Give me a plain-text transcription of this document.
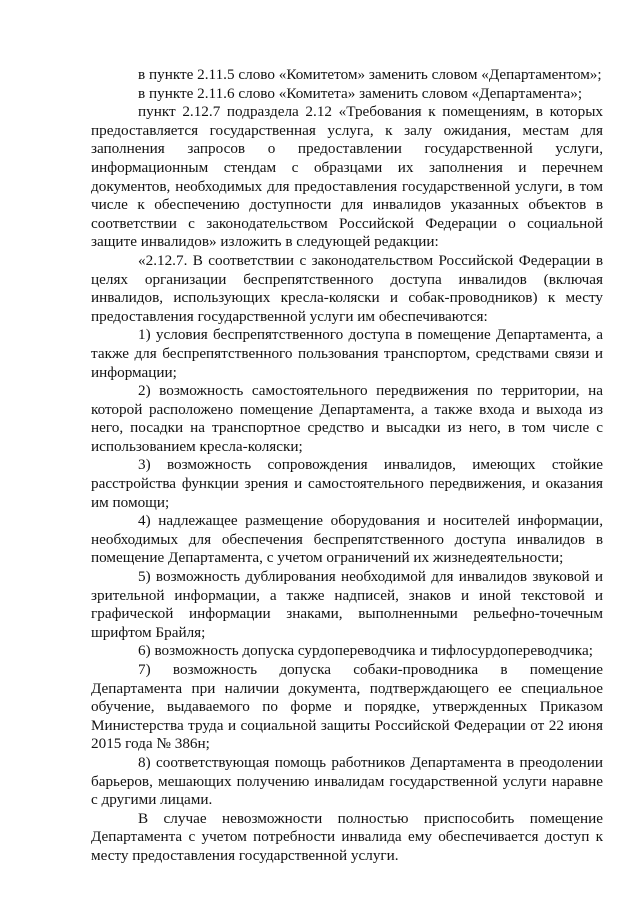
в пункте 2.11.5 слово «Комитетом» заменить словом «Департаментом»;

в пункте 2.11.6 слово «Комитета» заменить словом «Департамента»;

пункт 2.12.7 подраздела 2.12 «Требования к помещениям, в которых предоставляется государственная услуга, к залу ожидания, местам для заполнения запросов о предоставлении государственной услуги, информационным стендам с образцами их заполнения и перечнем документов, необходимых для предоставления государственной услуги, в том числе к обеспечению доступности для инвалидов указанных объектов в соответствии с законодательством Российской Федерации о социальной защите инвалидов» изложить в следующей редакции:

«2.12.7. В соответствии с законодательством Российской Федерации в целях организации беспрепятственного доступа инвалидов (включая инвалидов, использующих кресла-коляски и собак-проводников) к месту предоставления государственной услуги им обеспечиваются:

1) условия беспрепятственного доступа в помещение Департамента, а также для беспрепятственного пользования транспортом, средствами связи и информации;

2) возможность самостоятельного передвижения по территории, на которой расположено помещение Департамента, а также входа и выхода из него, посадки на транспортное средство и высадки из него, в том числе с использованием кресла-коляски;

3) возможность сопровождения инвалидов, имеющих стойкие расстройства функции зрения и самостоятельного передвижения, и оказания им помощи;

4) надлежащее размещение оборудования и носителей информации, необходимых для обеспечения беспрепятственного доступа инвалидов в помещение Департамента, с учетом ограничений их жизнедеятельности;

5) возможность дублирования необходимой для инвалидов звуковой и зрительной информации, а также надписей, знаков и иной текстовой и графической информации знаками, выполненными рельефно-точечным шрифтом Брайля;

6) возможность допуска сурдопереводчика и тифлосурдопереводчика;

7) возможность допуска собаки-проводника в помещение Департамента при наличии документа, подтверждающего ее специальное обучение, выдаваемого по форме и порядке, утвержденных Приказом Министерства труда и социальной защиты Российской Федерации от 22 июня 2015 года № 386н;

8) соответствующая помощь работников Департамента в преодолении барьеров, мешающих получению инвалидам государственной услуги наравне с другими лицами.

В случае невозможности полностью приспособить помещение Департамента с учетом потребности инвалида ему обеспечивается доступ к месту предоставления государственной услуги.
